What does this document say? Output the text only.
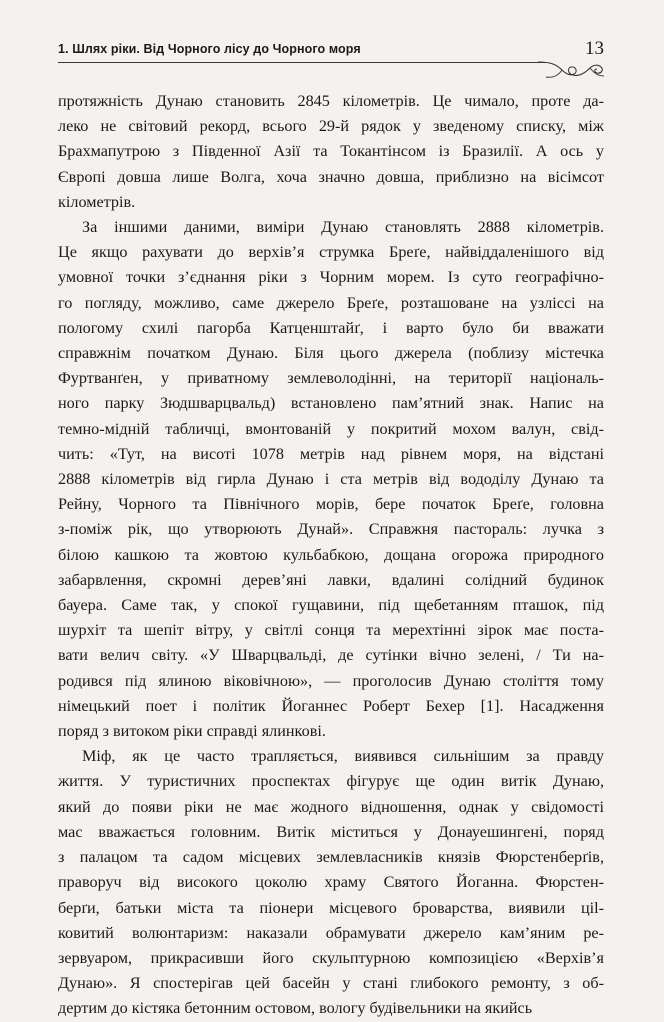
1. Шлях ріки. Від Чорного лісу до Чорного моря	13

протяжність Дунаю становить 2845 кілометрів. Це чимало, проте да-
леко не світовий рекорд, всього 29-й рядок у зведеному списку, між
Брахмапутрою з Південної Азії та Токантінсом із Бразилії. А ось у
Європі довша лише Волга, хоча значно довша, приблизно на вісімсот
кілометрів.

За іншими даними, виміри Дунаю становлять 2888 кілометрів.
Це якщо рахувати до верхів’я струмка Бреґе, найвіддаленішого від
умовної точки з’єднання ріки з Чорним морем. Із суто географічно-
го погляду, можливо, саме джерело Бреґе, розташоване на узліссі на
пологому схилі пагорба Катценштайґ, і варто було би вважати
справжнім початком Дунаю. Біля цього джерела (поблизу містечка
Фуртванґен, у приватному землеволодінні, на території національ-
ного парку Зюдшварцвальд) встановлено пам’ятний знак. Напис на
темно-мідній табличці, вмонтованій у покритий мохом валун, свід-
чить: «Тут, на висоті 1078 метрів над рівнем моря, на відстані
2888 кілометрів від гирла Дунаю і ста метрів від вододілу Дунаю та
Рейну, Чорного та Північного морів, бере початок Бреґе, головна
з-поміж рік, що утворюють Дунай». Справжня пастораль: лучка з
білою кашкою та жовтою кульбабкою, дощана огорожа природного
забарвлення, скромні дерев’яні лавки, вдалині солідний будинок
бауера. Саме так, у спокої гущавини, під щебетанням пташок, під
шурхіт та шепіт вітру, у світлі сонця та мерехтінні зірок має поста-
вати велич світу. «У Шварцвальді, де сутінки вічно зелені, / Ти на-
родився під ялиною віковічною», — проголосив Дунаю століття тому
німецький поет і політик Йоганнес Роберт Бехер [1]. Насадження
поряд з витоком ріки справді ялинкові.

Міф, як це часто трапляється, виявився сильнішим за правду
життя. У туристичних проспектах фігурує ще один витік Дунаю,
який до появи ріки не має жодного відношення, однак у свідомості
мас вважається головним. Витік міститься у Донауешингені, поряд
з палацом та садом місцевих землевласників князів Фюрстенберґів,
праворуч від високого цоколю храму Святого Йоганна. Фюрстен-
берґи, батьки міста та піонери місцевого броварства, виявили цil-
ковитий волюнтаризм: наказали обрамувати джерело кам’яним ре-
зервуаром, прикрасивши його скульптурною композицією «Верхів’я
Дунаю». Я спостерігав цей басейн у стані глибокого ремонту, з об-
дертим до кістяка бетонним остовом, вологу будівельники на якийсь
